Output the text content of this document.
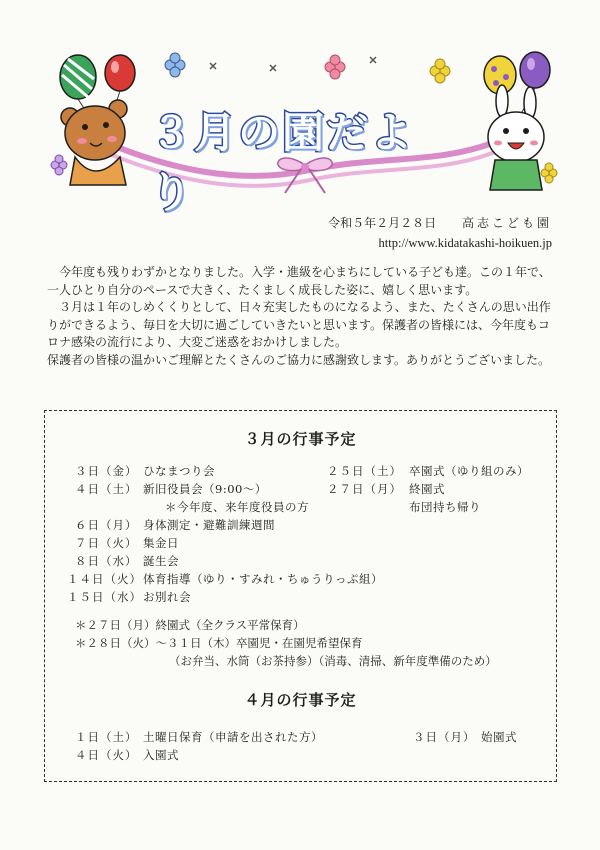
３月の園だより
令和５年２月２８日 高志こども園
http://www.kidatakashi-hoikuen.jp

今年度も残りわずかとなりました。入学・進級を心まちにしている子ども達。この１年で、一人ひとり自分のペースで大きく、たくましく成長した姿に、嬉しく思います。

３月は１年のしめくくりとして、日々充実したものになるよう、また、たくさんの思い出作りができるよう、毎日を大切に過ごしていきたいと思います。保護者の皆様には、今年度もコロナ感染の流行により、大変ご迷惑をおかけしました。

保護者の皆様の温かいご理解とたくさんのご協力に感謝致します。ありがとうございました。

３月の行事予定
３日（金） ひなまつり会
４日（土） 新旧役員会（9:00～）
＊今年度、来年度役員の方
６日（月） 身体測定・避難訓練週間
７日（火） 集金日
８日（水） 誕生会
１４日（火）体育指導（ゆり・すみれ・ちゅうりっぷ組）
１５日（水）お別れ会
２５日（土） 卒園式（ゆり組のみ）
２７日（月） 終園式
布団持ち帰り
＊２７日（月）終園式（全クラス平常保育）
＊２８日（火）～３１日（木）卒園児・在園児希望保育
（お弁当、水筒（お茶持参）（消毒、清掃、新年度準備のため）
４月の行事予定
１日（土） 土曜日保育（申請を出された方）
４日（火） 入園式
３日（月） 始園式
